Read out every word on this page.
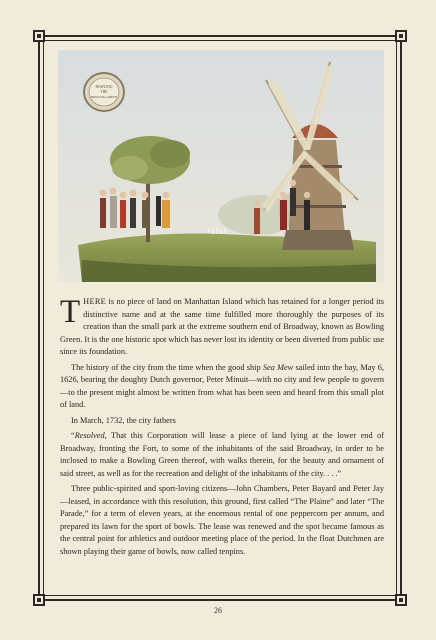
BOWLING
THE
BOWLING GREEN

THERE is no piece of land on Manhattan Island which has retained for a longer period its distinctive name and at the same time fulfilled more thoroughly the purposes of its creation than the small park at the extreme southern end of Broadway, known as Bowling Green. It is the one historic spot which has never lost its identity or been diverted from public use since its foundation.

The history of the city from the time when the good ship Sea Mew sailed into the bay, May 6, 1626, bearing the doughty Dutch governor, Peter Minuit—with no city and few people to govern—to the present might almost be written from what has been seen and heard from this small plot of land.

In March, 1732, the city fathers

“Resolved, That this Corporation will lease a piece of land lying at the lower end of Broadway, fronting the Fort, to some of the inhabitants of the said Broadway, in order to be inclosed to make a Bowling Green thereof, with walks therein, for the beauty and ornament of said street, as well as for the recreation and delight of the inhabitants of the city. . . .”

Three public-spirited and sport-loving citizens—John Chambers, Peter Bayard and Peter Jay—leased, in accordance with this resolution, this ground, first called “The Plaine” and later “The Parade,” for a term of eleven years, at the enormous rental of one peppercorn per annum, and prepared its lawn for the sport of bowls. The lease was renewed and the spot became famous as the central point for athletics and outdoor meeting place of the period. In the float Dutchmen are shown playing their game of bowls, now called tenpins.

26
